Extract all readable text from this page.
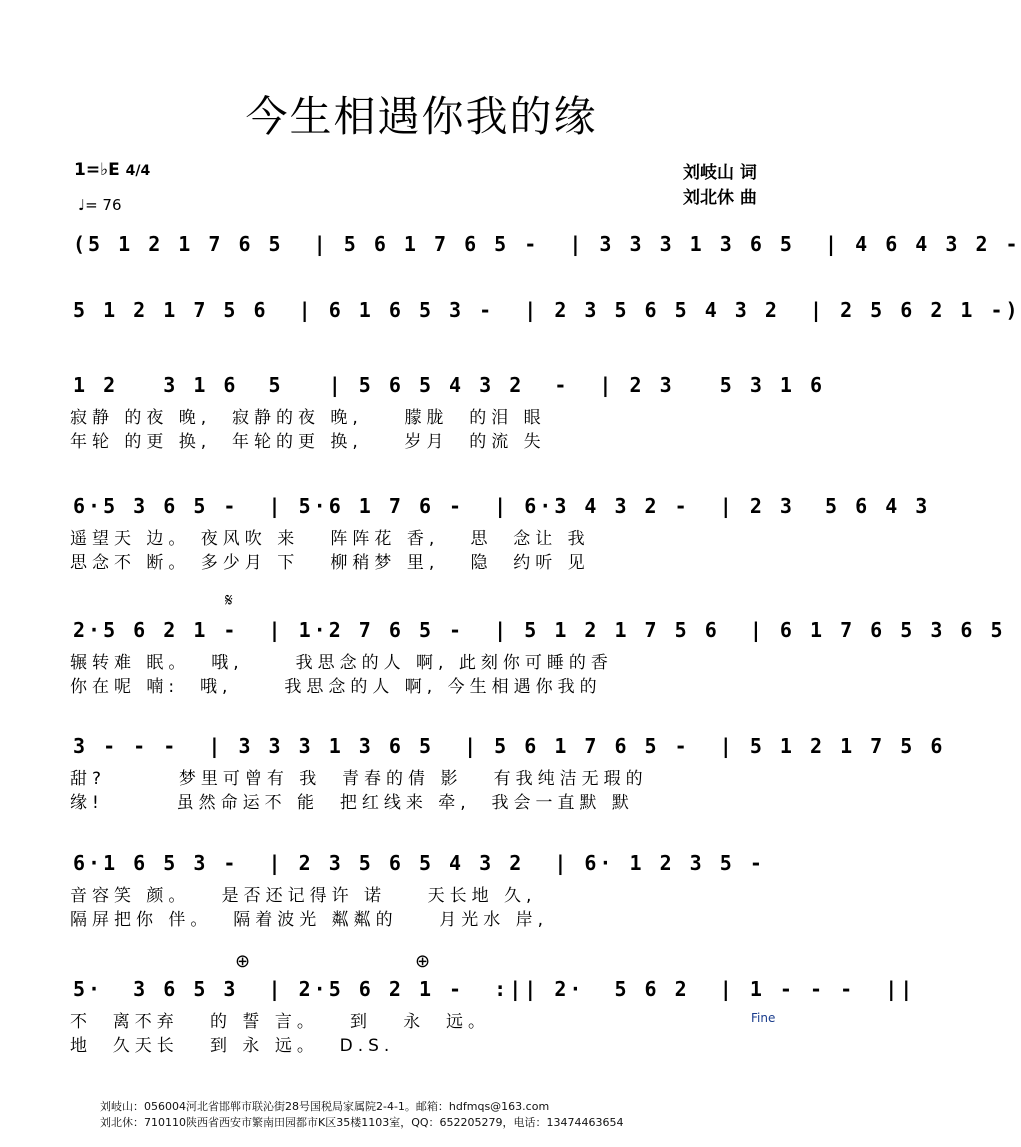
今生相遇你我的缘
1=♭E 4/4
♩= 76
刘岐山 词
刘北休 曲
(5 1 2 1 7 6 5  | 5 6 1 7 6 5 -  | 3 3 3 1 3 6 5  | 4 6 4 3 2 -
5 1 2 1 7 5 6  | 6 1 6 5 3 -  | 2 3 5 6 5 4 3 2  | 2 5 6 2 1 -)
1 2   3 1 6  5   | 5 6 5 4 3 2  -  | 2 3   5 3 1 6
寂静 的夜 晚,  寂静的夜 晚,    朦胧  的泪 眼
年轮 的更 换,  年轮的更 换,    岁月  的流 失
6·5 3 6 5 -  | 5·6 1 7 6 -  | 6·3 4 3 2 -  | 2 3  5 6 4 3
遥望天 边。 夜风吹 来   阵阵花 香,   思  念让 我
思念不 断。 多少月 下   柳稍梦 里,   隐  约听 见
𝄋
2·5 6 2 1 -  | 1·2 7 6 5 -  | 5 1 2 1 7 5 6  | 6 1 7 6 5 3 6 5
辗转难 眠。  哦,     我思念的人 啊, 此刻你可睡的香
你在呢 喃:  哦,     我思念的人 啊, 今生相遇你我的
3 - - -  | 3 3 3 1 3 6 5  | 5 6 1 7 6 5 -  | 5 1 2 1 7 5 6
甜?       梦里可曾有 我  青春的倩 影   有我纯洁无瑕的
缘!       虽然命运不 能  把红线来 牵,  我会一直默 默
6·1 6 5 3 -  | 2 3 5 6 5 4 3 2  | 6· 1 2 3 5 -
音容笑 颜。   是否还记得许 诺    天长地 久,
隔屏把你 伴。  隔着波光 粼粼的    月光水 岸,
⊕	⊕
5·  3 6 5 3  | 2·5 6 2 1 -  :|| 2·  5 6 2  | 1 - - -  ||
不  离不弃   的 誓 言。   到   永  远。
地  久天长   到 永 远。  D.S.
Fine
刘岐山：056004河北省邯郸市联沁街28号国税局家属院2-4-1。邮箱：hdfmqs@163.com
刘北休：710110陕西省西安市繁南田园都市K区35楼1103室，QQ：652205279，电话：13474463654
